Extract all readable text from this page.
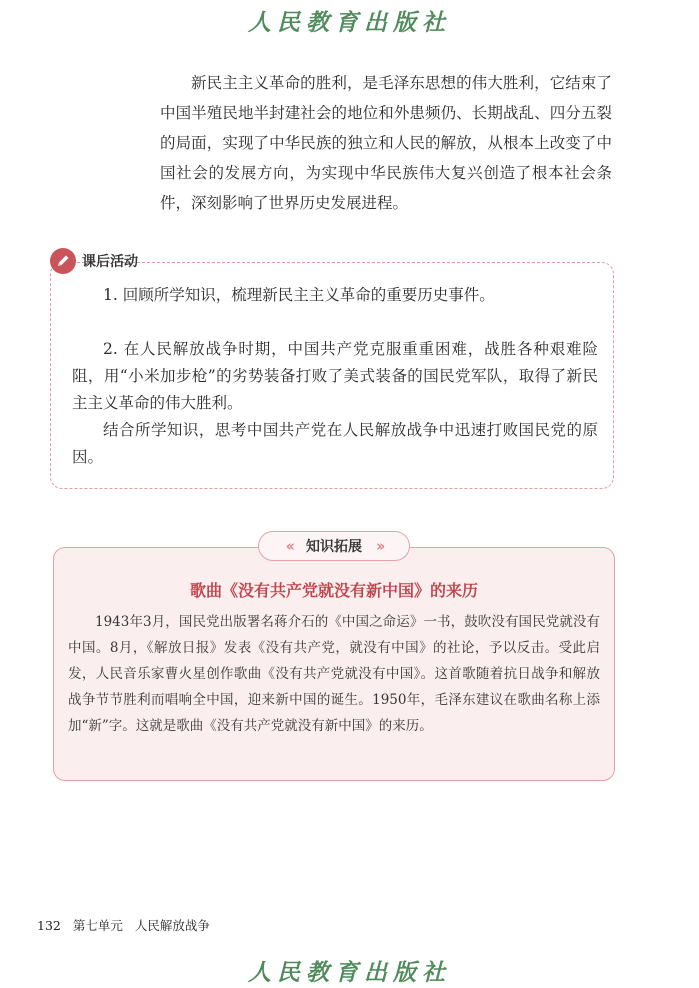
人民教育出版社

新民主主义革命的胜利，是毛泽东思想的伟大胜利，它结束了中国半殖民地半封建社会的地位和外患频仍、长期战乱、四分五裂的局面，实现了中华民族的独立和人民的解放，从根本上改变了中国社会的发展方向，为实现中华民族伟大复兴创造了根本社会条件，深刻影响了世界历史发展进程。

课后活动

1. 回顾所学知识，梳理新民主主义革命的重要历史事件。

2. 在人民解放战争时期，中国共产党克服重重困难，战胜各种艰难险阻，用“小米加步枪”的劣势装备打败了美式装备的国民党军队，取得了新民主主义革命的伟大胜利。

结合所学知识，思考中国共产党在人民解放战争中迅速打败国民党的原因。

‹‹ 知识拓展 ››
歌曲《没有共产党就没有新中国》的来历

1943年3月，国民党出版署名蒋介石的《中国之命运》一书，鼓吹没有国民党就没有中国。8月，《解放日报》发表《没有共产党，就没有中国》的社论，予以反击。受此启发，人民音乐家曹火星创作歌曲《没有共产党就没有中国》。这首歌随着抗日战争和解放战争节节胜利而唱响全中国，迎来新中国的诞生。1950年，毛泽东建议在歌曲名称上添加“新”字。这就是歌曲《没有共产党就没有新中国》的来历。

132 第七单元 人民解放战争
人民教育出版社
